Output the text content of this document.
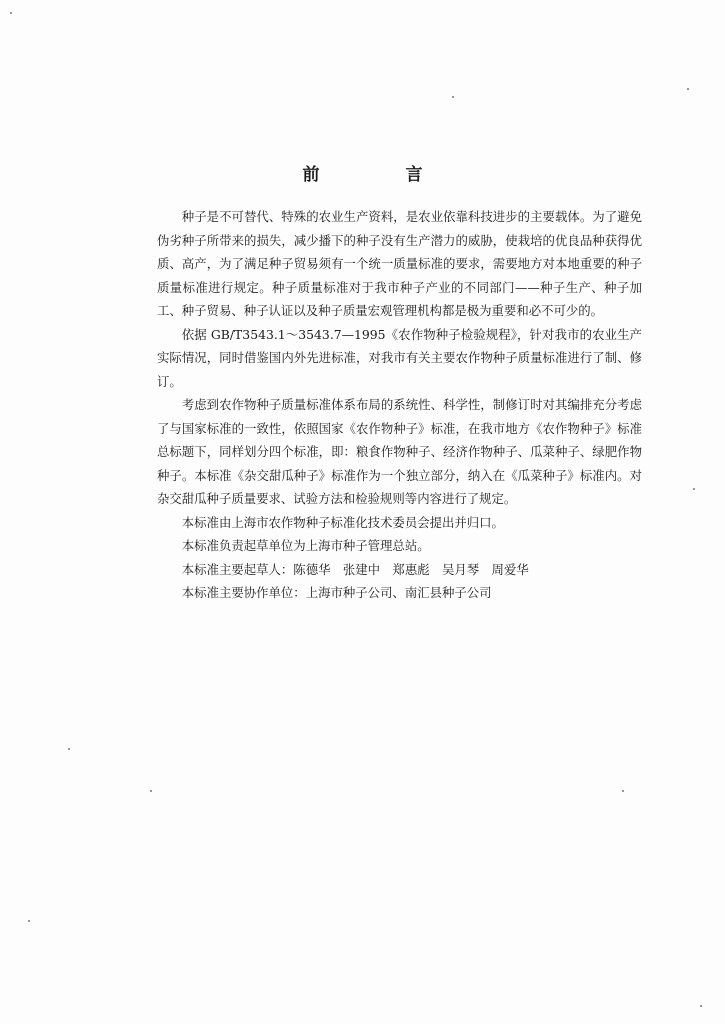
前 言

种子是不可替代、特殊的农业生产资料，是农业依靠科技进步的主要载体。为了避免伪劣种子所带来的损失，减少播下的种子没有生产潜力的威胁，使栽培的优良品种获得优质、高产，为了满足种子贸易须有一个统一质量标准的要求，需要地方对本地重要的种子质量标准进行规定。种子质量标准对于我市种子产业的不同部门——种子生产、种子加工、种子贸易、种子认证以及种子质量宏观管理机构都是极为重要和必不可少的。

依据 GB/T3543.1～3543.7—1995《农作物种子检验规程》，针对我市的农业生产实际情况，同时借鉴国内外先进标准，对我市有关主要农作物种子质量标准进行了制、修订。

考虑到农作物种子质量标准体系布局的系统性、科学性，制修订时对其编排充分考虑了与国家标准的一致性，依照国家《农作物种子》标准，在我市地方《农作物种子》标准总标题下，同样划分四个标准，即：粮食作物种子、经济作物种子、瓜菜种子、绿肥作物种子。本标准《杂交甜瓜种子》标准作为一个独立部分，纳入在《瓜菜种子》标准内。对杂交甜瓜种子质量要求、试验方法和检验规则等内容进行了规定。

本标准由上海市农作物种子标准化技术委员会提出并归口。

本标准负责起草单位为上海市种子管理总站。

本标准主要起草人：陈德华　张建中　郑惠彪　吴月琴　周爱华

本标准主要协作单位：上海市种子公司、南汇县种子公司
